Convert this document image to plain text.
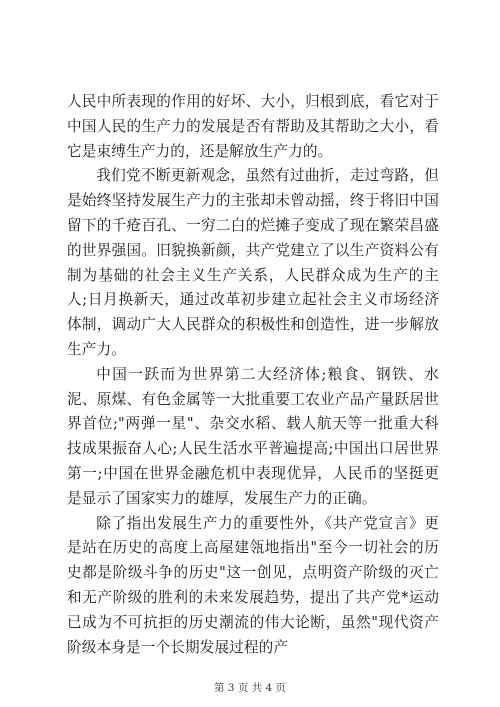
人民中所表现的作用的好坏、大小，归根到底，看它对于中国人民的生产力的发展是否有帮助及其帮助之大小，看它是束缚生产力的，还是解放生产力的。

我们党不断更新观念，虽然有过曲折，走过弯路，但是始终坚持发展生产力的主张却未曾动摇，终于将旧中国留下的千疮百孔、一穷二白的烂摊子变成了现在繁荣昌盛的世界强国。旧貌换新颜，共产党建立了以生产资料公有制为基础的社会主义生产关系，人民群众成为生产的主人;日月换新天，通过改革初步建立起社会主义市场经济体制，调动广大人民群众的积极性和创造性，进一步解放生产力。

中国一跃而为世界第二大经济体;粮食、钢铁、水泥、原煤、有色金属等一大批重要工农业产品产量跃居世界首位;"两弹一星"、杂交水稻、载人航天等一批重大科技成果振奋人心;人民生活水平普遍提高;中国出口居世界第一;中国在世界金融危机中表现优异，人民币的坚挺更是显示了国家实力的雄厚，发展生产力的正确。

除了指出发展生产力的重要性外，《共产党宣言》更是站在历史的高度上高屋建瓴地指出"至今一切社会的历史都是阶级斗争的历史"这一创见，点明资产阶级的灭亡和无产阶级的胜利的未来发展趋势，提出了共产党*运动已成为不可抗拒的历史潮流的伟大论断，虽然"现代资产阶级本身是一个长期发展过程的产

第 3 页 共 4 页
